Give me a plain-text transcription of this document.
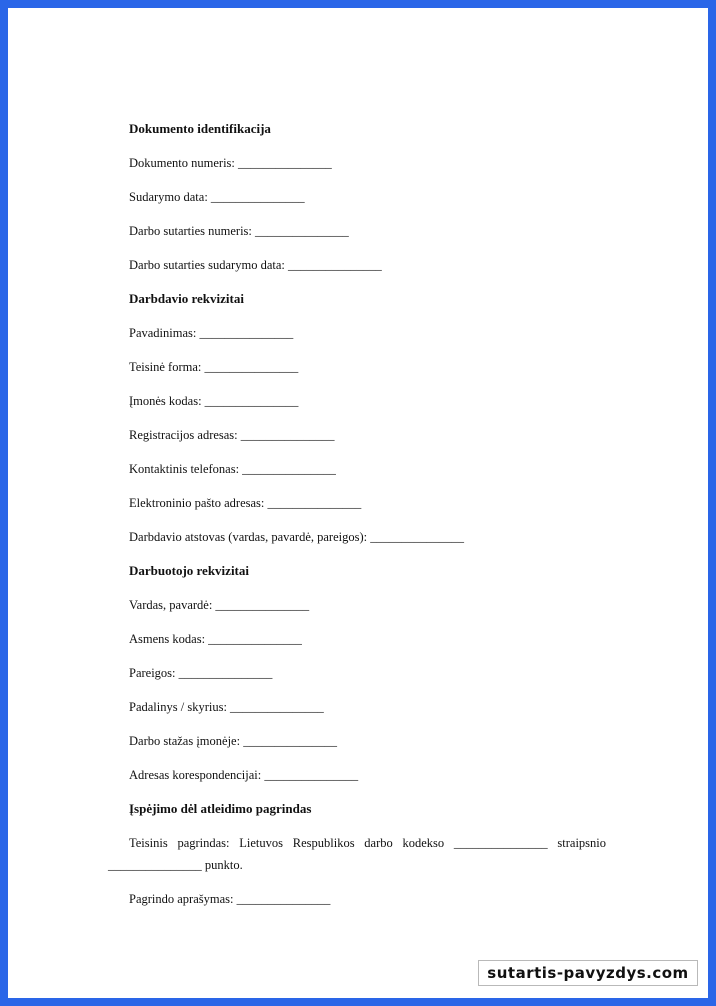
Dokumento identifikacija
Dokumento numeris: _______________
Sudarymo data: _______________
Darbo sutarties numeris: _______________
Darbo sutarties sudarymo data: _______________
Darbdavio rekvizitai
Pavadinimas: _______________
Teisinė forma: _______________
Įmonės kodas: _______________
Registracijos adresas: _______________
Kontaktinis telefonas: _______________
Elektroninio pašto adresas: _______________
Darbdavio atstovas (vardas, pavardė, pareigos): _______________
Darbuotojo rekvizitai
Vardas, pavardė: _______________
Asmens kodas: _______________
Pareigos: _______________
Padalinys / skyrius: _______________
Darbo stažas įmonėje: _______________
Adresas korespondencijai: _______________
Įspėjimo dėl atleidimo pagrindas
Teisinis pagrindas: Lietuvos Respublikos darbo kodekso _______________ straipsnio
_______________ punkto.
Pagrindo aprašymas: _______________
sutartis-pavyzdys.com
